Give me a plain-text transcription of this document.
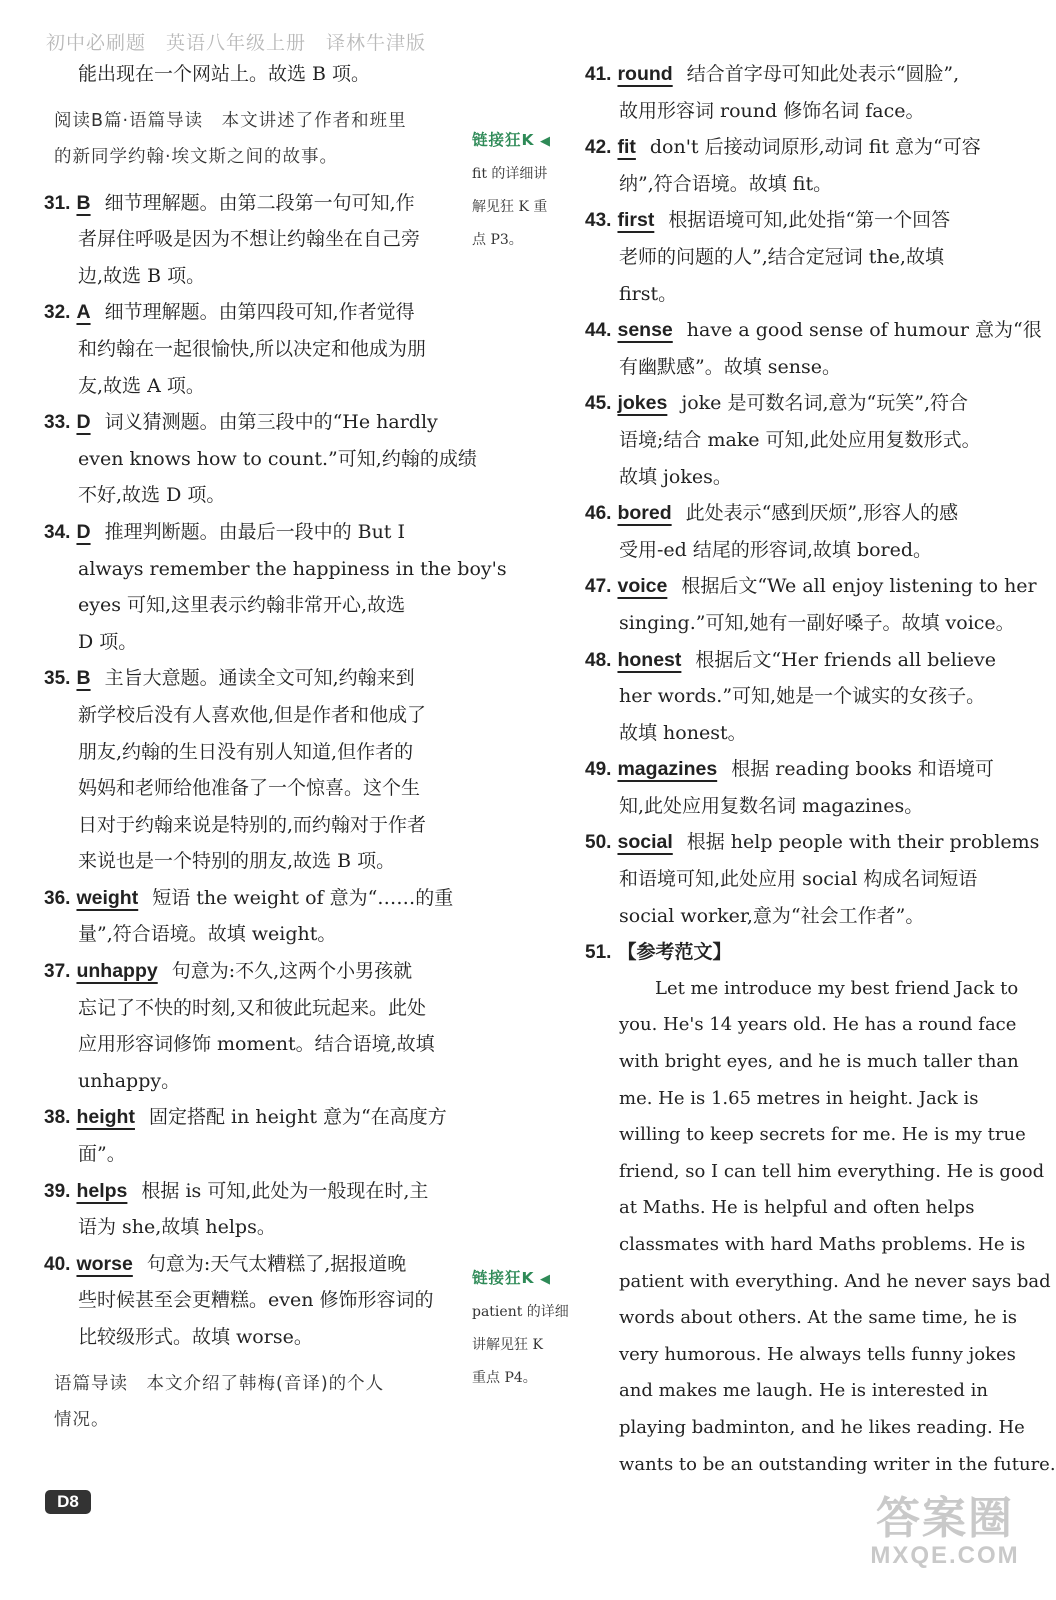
初中必刷题 英语八年级上册 译林牛津版
能出现在一个网站上。故选 B 项。
阅读B篇·语篇导读　本文讲述了作者和班里
的新同学约翰·埃文斯之间的故事。
31. B 细节理解题。由第二段第一句可知,作
者屏住呼吸是因为不想让约翰坐在自己旁
边,故选 B 项。
32. A 细节理解题。由第四段可知,作者觉得
和约翰在一起很愉快,所以决定和他成为朋
友,故选 A 项。
33. D 词义猜测题。由第三段中的“He hardly
even knows how to count.”可知,约翰的成绩
不好,故选 D 项。
34. D 推理判断题。由最后一段中的 But I
always remember the happiness in the boy's
eyes 可知,这里表示约翰非常开心,故选
D 项。
35. B 主旨大意题。通读全文可知,约翰来到
新学校后没有人喜欢他,但是作者和他成了
朋友,约翰的生日没有别人知道,但作者的
妈妈和老师给他准备了一个惊喜。这个生
日对于约翰来说是特别的,而约翰对于作者
来说也是一个特别的朋友,故选 B 项。
36. weight 短语 the weight of 意为“……的重
量”,符合语境。故填 weight。
37. unhappy 句意为:不久,这两个小男孩就
忘记了不快的时刻,又和彼此玩起来。此处
应用形容词修饰 moment。结合语境,故填
unhappy。
38. height 固定搭配 in height 意为“在高度方
面”。
39. helps 根据 is 可知,此处为一般现在时,主
语为 she,故填 helps。
40. worse 句意为:天气太糟糕了,据报道晚
些时候甚至会更糟糕。even 修饰形容词的
比较级形式。故填 worse。
语篇导读　本文介绍了韩梅(音译)的个人
情况。
41. round 结合首字母可知此处表示“圆脸”,
故用形容词 round 修饰名词 face。
42. fit don't 后接动词原形,动词 fit 意为“可容
纳”,符合语境。故填 fit。
43. first 根据语境可知,此处指“第一个回答
老师的问题的人”,结合定冠词 the,故填
first。
44. sense have a good sense of humour 意为“很
有幽默感”。故填 sense。
45. jokes joke 是可数名词,意为“玩笑”,符合
语境;结合 make 可知,此处应用复数形式。
故填 jokes。
46. bored 此处表示“感到厌烦”,形容人的感
受用-ed 结尾的形容词,故填 bored。
47. voice 根据后文“We all enjoy listening to her
singing.”可知,她有一副好嗓子。故填 voice。
48. honest 根据后文“Her friends all believe
her words.”可知,她是一个诚实的女孩子。
故填 honest。
49. magazines 根据 reading books 和语境可
知,此处应用复数名词 magazines。
50. social 根据 help people with their problems
和语境可知,此处应用 social 构成名词短语
social worker,意为“社会工作者”。
51. 【参考范文】
　　Let me introduce my best friend Jack to
you. He's 14 years old. He has a round face
with bright eyes, and he is much taller than
me. He is 1.65 metres in height. Jack is
willing to keep secrets for me. He is my true
friend, so I can tell him everything. He is good
at Maths. He is helpful and often helps
classmates with hard Maths problems. He is
patient with everything. And he never says bad
words about others. At the same time, he is
very humorous. He always tells funny jokes
and makes me laugh. He is interested in
playing badminton, and he likes reading. He
wants to be an outstanding writer in the future.
链接狂K ◀
fit 的详细讲
解见狂 K 重
点 P3。
链接狂K ◀
patient 的详细
讲解见狂 K
重点 P4。
D8	答案圈
MXQE.COM
